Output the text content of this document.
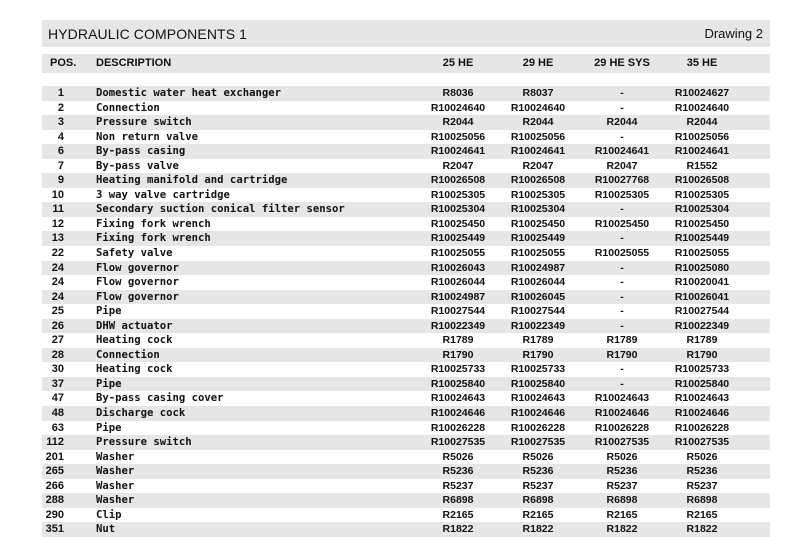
HYDRAULIC COMPONENTS 1	Drawing 2
POS. DESCRIPTION	25 HE	29 HE	29 HE SYS	35 HE
1	Domestic water heat exchanger	R8036	R8037	-	R10024627
2	Connection	R10024640	R10024640	-	R10024640
3	Pressure switch	R2044	R2044	R2044	R2044
4	Non return valve	R10025056	R10025056	-	R10025056
6	By-pass casing	R10024641	R10024641	R10024641	R10024641
7	By-pass valve	R2047	R2047	R2047	R1552
9	Heating manifold and cartridge	R10026508	R10026508	R10027768	R10026508
10	3 way valve cartridge	R10025305	R10025305	R10025305	R10025305
11	Secondary suction conical filter sensor	R10025304	R10025304	-	R10025304
12	Fixing fork wrench	R10025450	R10025450	R10025450	R10025450
13	Fixing fork wrench	R10025449	R10025449	-	R10025449
22	Safety valve	R10025055	R10025055	R10025055	R10025055
24	Flow governor	R10026043	R10024987	-	R10025080
24	Flow governor	R10026044	R10026044	-	R10020041
24	Flow governor	R10024987	R10026045	-	R10026041
25	Pipe	R10027544	R10027544	-	R10027544
26	DHW actuator	R10022349	R10022349	-	R10022349
27	Heating cock	R1789	R1789	R1789	R1789
28	Connection	R1790	R1790	R1790	R1790
30	Heating cock	R10025733	R10025733	-	R10025733
37	Pipe	R10025840	R10025840	-	R10025840
47	By-pass casing cover	R10024643	R10024643	R10024643	R10024643
48	Discharge cock	R10024646	R10024646	R10024646	R10024646
63	Pipe	R10026228	R10026228	R10026228	R10026228
112	Pressure switch	R10027535	R10027535	R10027535	R10027535
201	Washer	R5026	R5026	R5026	R5026
265	Washer	R5236	R5236	R5236	R5236
266	Washer	R5237	R5237	R5237	R5237
288	Washer	R6898	R6898	R6898	R6898
290	Clip	R2165	R2165	R2165	R2165
351	Nut	R1822	R1822	R1822	R1822
